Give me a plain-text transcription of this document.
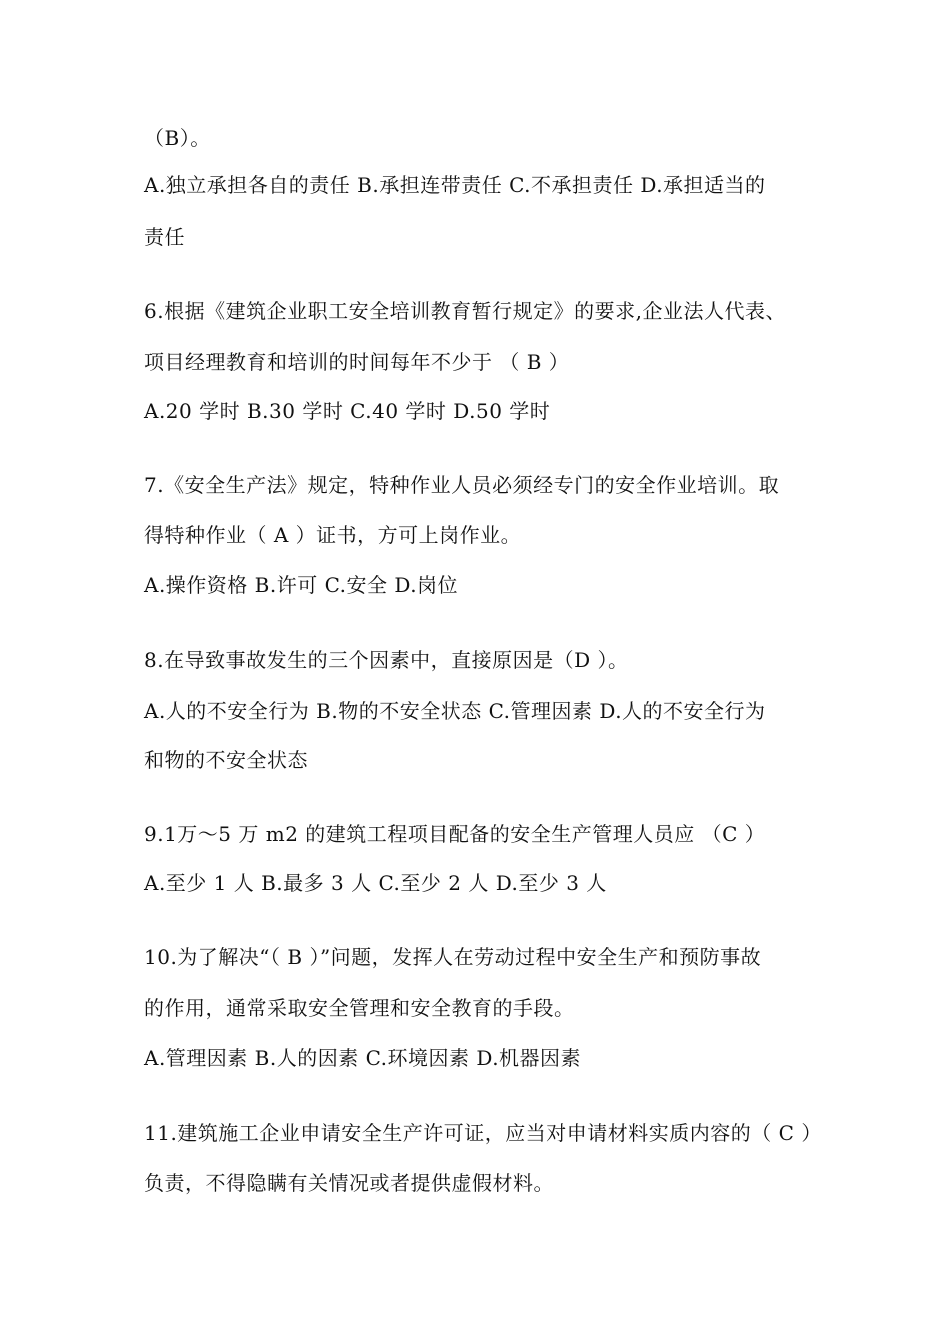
（B）。
A.独立承担各自的责任 B.承担连带责任 C.不承担责任 D.承担适当的
责任
6.根据《建筑企业职工安全培训教育暂行规定》的要求,企业法人代表、
项目经理教育和培训的时间每年不少于 （ B ）
A.20 学时 B.30 学时 C.40 学时 D.50 学时
7.《安全生产法》规定，特种作业人员必须经专门的安全作业培训。取
得特种作业（ A ）证书，方可上岗作业。
A.操作资格 B.许可 C.安全 D.岗位
8.在导致事故发生的三个因素中，直接原因是（D ）。
A.人的不安全行为 B.物的不安全状态 C.管理因素 D.人的不安全行为
和物的不安全状态
9.1万～5 万 m2 的建筑工程项目配备的安全生产管理人员应 （C ）
A.至少 1 人 B.最多 3 人 C.至少 2 人 D.至少 3 人
10.为了解决“（ B ）”问题，发挥人在劳动过程中安全生产和预防事故
的作用，通常采取安全管理和安全教育的手段。
A.管理因素 B.人的因素 C.环境因素 D.机器因素
11.建筑施工企业申请安全生产许可证，应当对申请材料实质内容的（ C ）
负责，不得隐瞒有关情况或者提供虚假材料。
